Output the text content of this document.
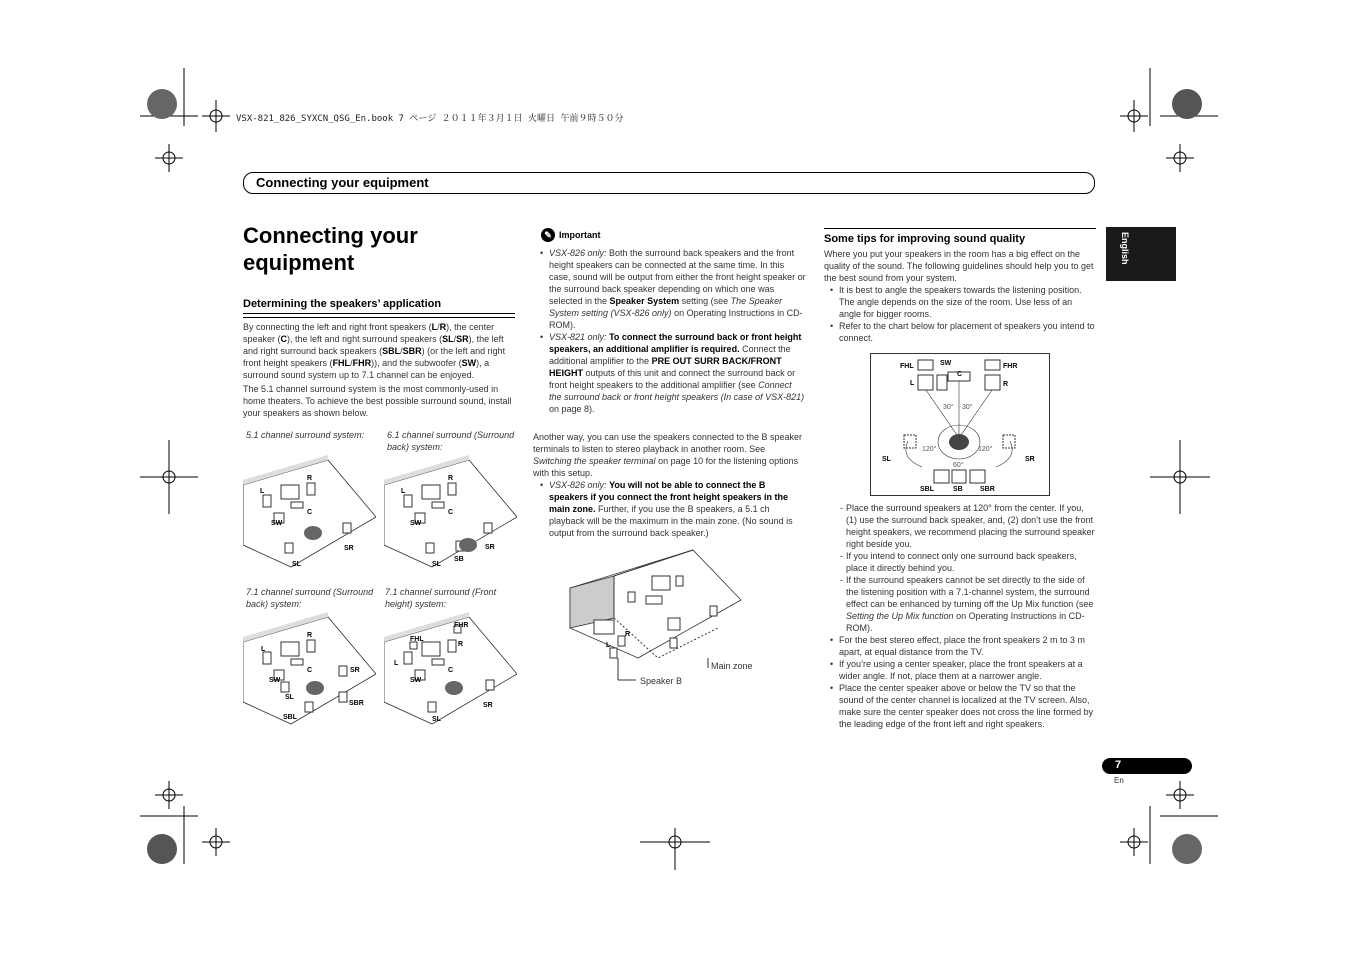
VSX-821_826_SYXCN_QSG_En.book 7 ページ ２０１１年３月１日 火曜日 午前９時５０分
Connecting your equipment
English
Connecting your equipment
Determining the speakers’ application
By connecting the left and right front speakers (L/R), the center speaker (C), the left and right surround speakers (SL/SR), the left and right surround back speakers (SBL/SBR) (or the left and right front height speakers (FHL/FHR)), and the subwoofer (SW), a surround sound system up to 7.1 channel can be enjoyed.
The 5.1 channel surround system is the most commonly-used in home theaters. To achieve the best possible surround sound, install your speakers as shown below.
5.1 channel surround system:	6.1 channel surround (Surround back) system:
7.1 channel surround (Surround back) system:
7.1 channel surround (Front height) system:
R
L
C
SW
SR
SL
R
L
C
SW
SR
SB
SL
R
L
C	SR
SW
SL
SBR
SBL
FHR
FHL
R
L
C
SW
SR
SL
✎ Important
• VSX-826 only: Both the surround back speakers and the front height speakers can be connected at the same time. In this case, sound will be output from either the front height speaker or the surround back speaker depending on which one was selected in the Speaker System setting (see The Speaker System setting (VSX-826 only) on Operating Instructions in CD-ROM).
• VSX-821 only: To connect the surround back or front height speakers, an additional amplifier is required. Connect the additional amplifier to the PRE OUT SURR BACK/FRONT HEIGHT outputs of this unit and connect the surround back or front height speakers to the additional amplifier (see Connect the surround back or front height speakers (In case of VSX-821) on page 8).
Another way, you can use the speakers connected to the B speaker terminals to listen to stereo playback in another room. See Switching the speaker terminal on page 10 for the listening options with this setup.
• VSX-826 only: You will not be able to connect the B speakers if you connect the front height speakers in the main zone. Further, if you use the B speakers, a 5.1 ch playback will be the maximum in the main zone. (No sound is output from the surround back speaker.)
R
L
Main zone
Speaker B
Some tips for improving sound quality
Where you put your speakers in the room has a big effect on the quality of the sound. The following guidelines should help you to get the best sound from your system.
• It is best to angle the speakers towards the listening position. The angle depends on the size of the room. Use less of an angle for bigger rooms.
• Refer to the chart below for placement of speakers you intend to connect.
FHL	SW
C
FHR
L	R
30° 30°
120°	120°
60°
SL	SR
SBL	SB SBR
- Place the surround speakers at 120° from the center. If you, (1) use the surround back speaker, and, (2) don’t use the front height speakers, we recommend placing the surround speaker right beside you.
- If you intend to connect only one surround back speakers, place it directly behind you.
- If the surround speakers cannot be set directly to the side of the listening position with a 7.1-channel system, the surround effect can be enhanced by turning off the Up Mix function (see Setting the Up Mix function on Operating Instructions in CD-ROM).
• For the best stereo effect, place the front speakers 2 m to 3 m apart, at equal distance from the TV.
• If you’re using a center speaker, place the front speakers at a wider angle. If not, place them at a narrower angle.
• Place the center speaker above or below the TV so that the sound of the center channel is localized at the TV screen. Also, make sure the center speaker does not cross the line formed by the leading edge of the front left and right speakers.
7
En
